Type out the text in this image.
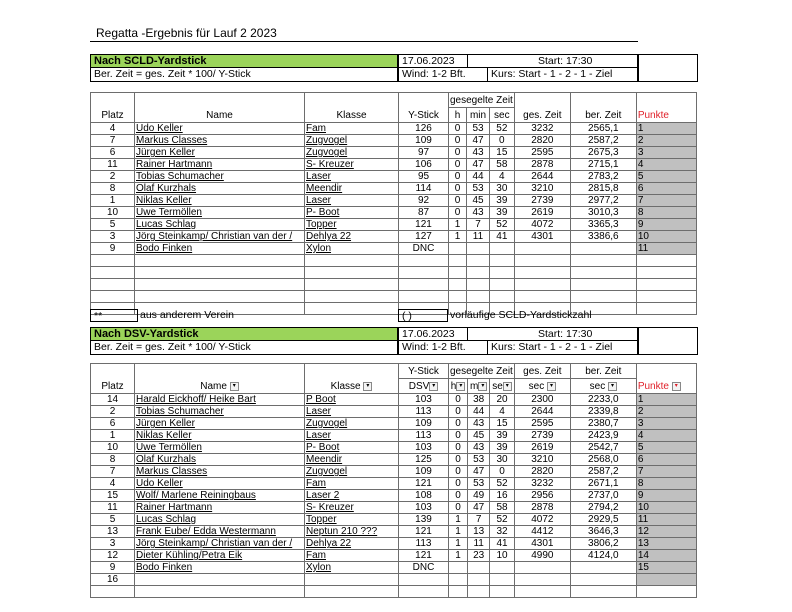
Regatta -Ergebnis für Lauf 2 2023
Nach SCLD-Yardstick	17.06.2023	Start: 17:30
Ber. Zeit = ges. Zeit * 100/ Y-Stick	Wind: 1-2 Bft. Kurs: Start - 1 - 2 - 1 - Ziel
Platz	Name	Klasse	Y-Stick	gesegelte Zeit			ges. Zeit	ber. Zeit	Punkte
				h	min	sec			
4	Udo Keller	Fam	126	0	53	52	3232	2565,1	1
7	Markus Classes	Zugvogel	109	0	47	0	2820	2587,2	2
6	Jürgen Keller	Zugvogel	97	0	43	15	2595	2675,3	3
11	Rainer Hartmann	S- Kreuzer	106	0	47	58	2878	2715,1	4
2	Tobias Schumacher	Laser	95	0	44	4	2644	2783,2	5
8	Olaf Kurzhals	Meendir	114	0	53	30	3210	2815,8	6
1	Niklas Keller	Laser	92	0	45	39	2739	2977,2	7
10	Uwe Termöllen	P- Boot	87	0	43	39	2619	3010,3	8
5	Lucas Schlag	Topper	121	1	7	52	4072	3365,3	9
3	Jörg Steinkamp/ Christian van der /	Dehlya 22	127	1	11	41	4301	3386,6	10
9	Bodo Finken	Xylon	DNC						11

**	aus anderem Verein	( )	vorläufige SCLD-Yardstickzahl
Nach DSV-Yardstick	17.06.2023	Start: 17:30
Ber. Zeit = ges. Zeit * 100/ Y-Stick	Wind: 1-2 Bft. Kurs: Start - 1 - 2 - 1 - Ziel
Platz	Name ▾	Klasse ▾	Y-Stick	gesegelte Zeit			ges. Zeit	ber. Zeit	Punkte ▾
			DSV ▾	h ▾	m ▾	se ▾	sec ▾	sec ▾	
14	Harald Eickhoff/ Heike Bart	P Boot	103	0	38	20	2300	2233,0	1
2	Tobias Schumacher	Laser	113	0	44	4	2644	2339,8	2
6	Jürgen Keller	Zugvogel	109	0	43	15	2595	2380,7	3
1	Niklas Keller	Laser	113	0	45	39	2739	2423,9	4
10	Uwe Termöllen	P- Boot	103	0	43	39	2619	2542,7	5
8	Olaf Kurzhals	Meendir	125	0	53	30	3210	2568,0	6
7	Markus Classes	Zugvogel	109	0	47	0	2820	2587,2	7
4	Udo Keller	Fam	121	0	53	52	3232	2671,1	8
15	Wolf/ Marlene Reiningbaus	Laser 2	108	0	49	16	2956	2737,0	9
11	Rainer Hartmann	S- Kreuzer	103	0	47	58	2878	2794,2	10
5	Lucas Schlag	Topper	139	1	7	52	4072	2929,5	11
13	Frank Eube/ Edda Westermann	Neptun 210 ???	121	1	13	32	4412	3646,3	12
3	Jörg Steinkamp/ Christian van der /	Dehlya 22	113	1	11	41	4301	3806,2	13
12	Dieter Kühling/Petra Eik	Fam	121	1	23	10	4990	4124,0	14
9	Bodo Finken	Xylon	DNC						15
16									
